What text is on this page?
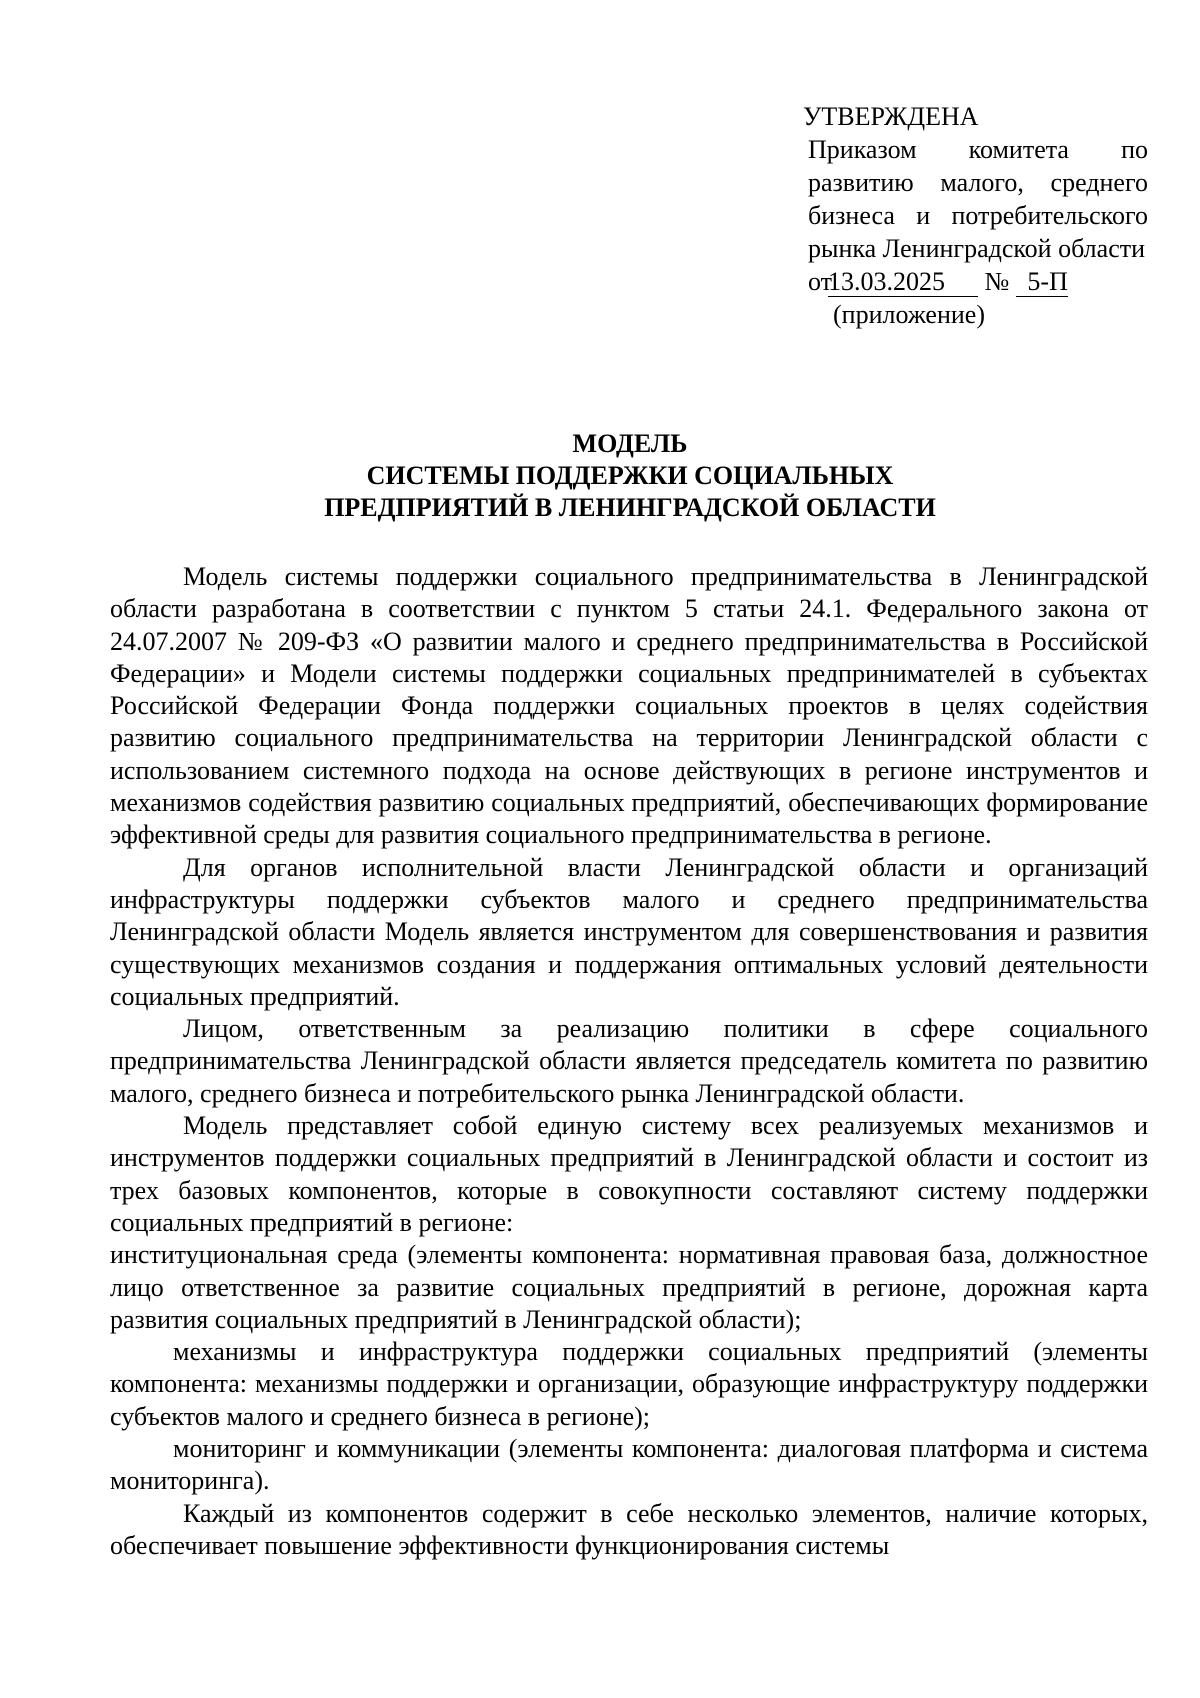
УТВЕРЖДЕНА
Приказом комитета по развитию малого, среднего бизнеса и потребительского рынка Ленинградской области
от13.03.2025 № 5-П
(приложение)
МОДЕЛЬ
СИСТЕМЫ ПОДДЕРЖКИ СОЦИАЛЬНЫХ
ПРЕДПРИЯТИЙ В ЛЕНИНГРАДСКОЙ ОБЛАСТИ

Модель системы поддержки социального предпринимательства в Ленинградской области разработана в соответствии с пунктом 5 статьи 24.1. Федерального закона от 24.07.2007 № 209-ФЗ «О развитии малого и среднего предпринимательства в Российской Федерации» и Модели системы поддержки социальных предпринимателей в субъектах Российской Федерации Фонда поддержки социальных проектов в целях содействия развитию социального предпринимательства на территории Ленинградской области с использованием системного подхода на основе действующих в регионе инструментов и механизмов содействия развитию социальных предприятий, обеспечивающих формирование эффективной среды для развития социального предпринимательства в регионе.

Для органов исполнительной власти Ленинградской области и организаций инфраструктуры поддержки субъектов малого и среднего предпринимательства Ленинградской области Модель является инструментом для совершенствования и развития существующих механизмов создания и поддержания оптимальных условий деятельности социальных предприятий.

Лицом, ответственным за реализацию политики в сфере социального предпринимательства Ленинградской области является председатель комитета по развитию малого, среднего бизнеса и потребительского рынка Ленинградской области.

Модель представляет собой единую систему всех реализуемых механизмов и инструментов поддержки социальных предприятий в Ленинградской области и состоит из трех базовых компонентов, которые в совокупности составляют систему поддержки социальных предприятий в регионе:

институциональная среда (элементы компонента: нормативная правовая база, должностное лицо ответственное за развитие социальных предприятий в регионе, дорожная карта развития социальных предприятий в Ленинградской области);

механизмы и инфраструктура поддержки социальных предприятий (элементы компонента: механизмы поддержки и организации, образующие инфраструктуру поддержки субъектов малого и среднего бизнеса в регионе);

мониторинг и коммуникации (элементы компонента: диалоговая платформа и система мониторинга).

Каждый из компонентов содержит в себе несколько элементов, наличие которых, обеспечивает повышение эффективности функционирования системы
